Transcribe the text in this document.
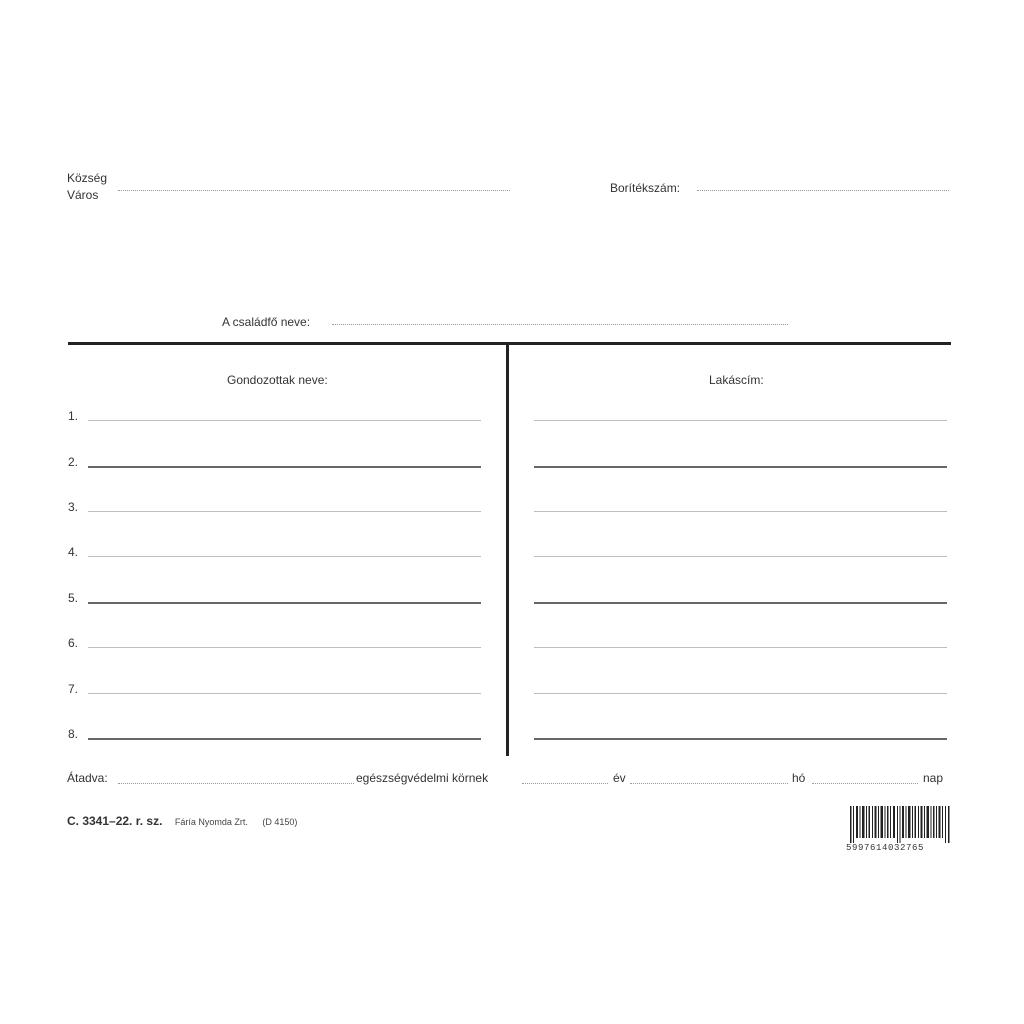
Község
Város	Borítékszám:
A családfő neve:
Gondozottak neve:	Lakáscím:
1.
2.
3.
4.
5.
6.
7.
8.
Átadva:	egészségvédelmi körnek	év	hó	nap
C. 3341–22. r. sz. Fáría Nyomda Zrt. (D 4150)
5997614032765
